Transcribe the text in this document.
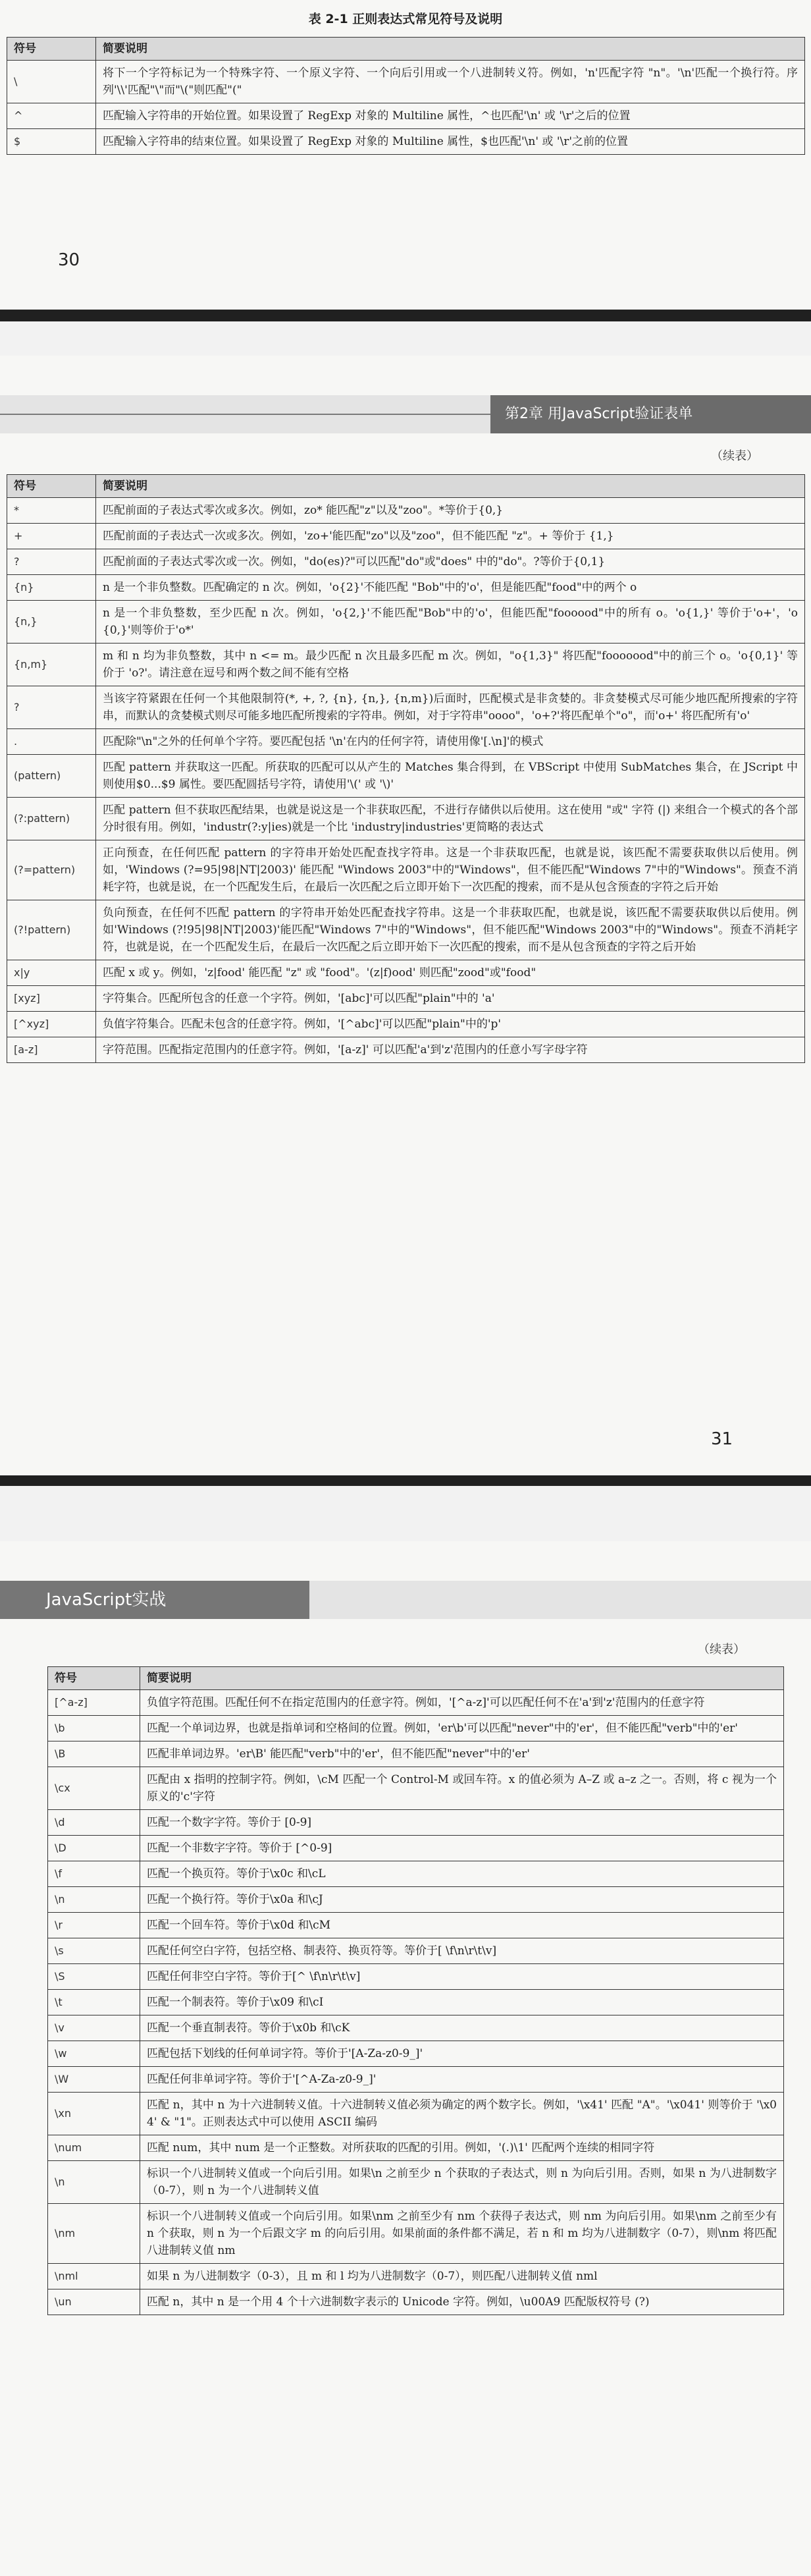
表 2-1 正则表达式常见符号及说明
符号	简要说明
\	将下一个字符标记为一个特殊字符、一个原义字符、一个向后引用或一个八进制转义符。例如，'n'匹配字符 "n"。'\n'匹配一个换行符。序列'\\'匹配"\"而"\("则匹配"("
^	匹配输入字符串的开始位置。如果设置了 RegExp 对象的 Multiline 属性，^也匹配'\n' 或 '\r'之后的位置
$	匹配输入字符串的结束位置。如果设置了 RegExp 对象的 Multiline 属性，$也匹配'\n' 或 '\r'之前的位置
30
第2章 用JavaScript验证表单
（续表）
符号	简要说明
*	匹配前面的子表达式零次或多次。例如，zo* 能匹配"z"以及"zoo"。*等价于{0,}
+	匹配前面的子表达式一次或多次。例如，'zo+'能匹配"zo"以及"zoo"，但不能匹配 "z"。+ 等价于 {1,}
?	匹配前面的子表达式零次或一次。例如，"do(es)?"可以匹配"do"或"does" 中的"do"。?等价于{0,1}
{n}	n 是一个非负整数。匹配确定的 n 次。例如，'o{2}'不能匹配 "Bob"中的'o'，但是能匹配"food"中的两个 o
{n,}	n 是一个非负整数，至少匹配 n 次。例如，'o{2,}'不能匹配"Bob"中的'o'，但能匹配"foooood"中的所有 o。'o{1,}' 等价于'o+'，'o{0,}'则等价于'o*'
{n,m}	m 和 n 均为非负整数，其中 n <= m。最少匹配 n 次且最多匹配 m 次。例如，"o{1,3}" 将匹配"fooooood"中的前三个 o。'o{0,1}' 等价于 'o?'。请注意在逗号和两个数之间不能有空格
?	当该字符紧跟在任何一个其他限制符(*, +, ?, {n}, {n,}, {n,m})后面时，匹配模式是非贪婪的。非贪婪模式尽可能少地匹配所搜索的字符串，而默认的贪婪模式则尽可能多地匹配所搜索的字符串。例如，对于字符串"oooo"，'o+?'将匹配单个"o"，而'o+' 将匹配所有'o'
.	匹配除"\n"之外的任何单个字符。要匹配包括 '\n'在内的任何字符，请使用像'[.\n]'的模式
(pattern)	匹配 pattern 并获取这一匹配。所获取的匹配可以从产生的 Matches 集合得到，在 VBScript 中使用 SubMatches 集合，在 JScript 中则使用$0...$9 属性。要匹配圆括号字符，请使用'\(' 或 '\)'
(?:pattern)	匹配 pattern 但不获取匹配结果，也就是说这是一个非获取匹配，不进行存储供以后使用。这在使用 "或" 字符 (|) 来组合一个模式的各个部分时很有用。例如，'industr(?:y|ies)就是一个比 'industry|industries'更简略的表达式
(?=pattern)	正向预查，在任何匹配 pattern 的字符串开始处匹配查找字符串。这是一个非获取匹配，也就是说，该匹配不需要获取供以后使用。例如，'Windows (?=95|98|NT|2003)' 能匹配 "Windows 2003"中的"Windows"，但不能匹配"Windows 7"中的"Windows"。预查不消耗字符，也就是说，在一个匹配发生后，在最后一次匹配之后立即开始下一次匹配的搜索，而不是从包含预查的字符之后开始
(?!pattern)	负向预查，在任何不匹配 pattern 的字符串开始处匹配查找字符串。这是一个非获取匹配，也就是说，该匹配不需要获取供以后使用。例如'Windows (?!95|98|NT|2003)'能匹配"Windows 7"中的"Windows"，但不能匹配"Windows 2003"中的"Windows"。预查不消耗字符，也就是说，在一个匹配发生后，在最后一次匹配之后立即开始下一次匹配的搜索，而不是从包含预查的字符之后开始
x|y	匹配 x 或 y。例如，'z|food' 能匹配 "z" 或 "food"。'(z|f)ood' 则匹配"zood"或"food"
[xyz]	字符集合。匹配所包含的任意一个字符。例如，'[abc]'可以匹配"plain"中的 'a'
[^xyz]	负值字符集合。匹配未包含的任意字符。例如，'[^abc]'可以匹配"plain"中的'p'
[a-z]	字符范围。匹配指定范围内的任意字符。例如，'[a-z]' 可以匹配'a'到'z'范围内的任意小写字母字符
31
JavaScript实战
（续表）
符号	简要说明
[^a-z]	负值字符范围。匹配任何不在指定范围内的任意字符。例如，'[^a-z]'可以匹配任何不在'a'到'z'范围内的任意字符
\b	匹配一个单词边界，也就是指单词和空格间的位置。例如，'er\b'可以匹配"never"中的'er'，但不能匹配"verb"中的'er'
\B	匹配非单词边界。'er\B' 能匹配"verb"中的'er'，但不能匹配"never"中的'er'
\cx	匹配由 x 指明的控制字符。例如，\cM 匹配一个 Control-M 或回车符。x 的值必须为 A–Z 或 a–z 之一。否则，将 c 视为一个原义的'c'字符
\d	匹配一个数字字符。等价于 [0-9]
\D	匹配一个非数字字符。等价于 [^0-9]
\f	匹配一个换页符。等价于\x0c 和\cL
\n	匹配一个换行符。等价于\x0a 和\cJ
\r	匹配一个回车符。等价于\x0d 和\cM
\s	匹配任何空白字符，包括空格、制表符、换页符等。等价于[ \f\n\r\t\v]
\S	匹配任何非空白字符。等价于[^ \f\n\r\t\v]
\t	匹配一个制表符。等价于\x09 和\cI
\v	匹配一个垂直制表符。等价于\x0b 和\cK
\w	匹配包括下划线的任何单词字符。等价于'[A-Za-z0-9_]'
\W	匹配任何非单词字符。等价于'[^A-Za-z0-9_]'
\xn	匹配 n，其中 n 为十六进制转义值。十六进制转义值必须为确定的两个数字长。例如，'\x41' 匹配 "A"。'\x041' 则等价于 '\x04' & "1"。正则表达式中可以使用 ASCII 编码
\num	匹配 num，其中 num 是一个正整数。对所获取的匹配的引用。例如，'(.)\1' 匹配两个连续的相同字符
\n	标识一个八进制转义值或一个向后引用。如果\n 之前至少 n 个获取的子表达式，则 n 为向后引用。否则，如果 n 为八进制数字（0-7），则 n 为一个八进制转义值
\nm	标识一个八进制转义值或一个向后引用。如果\nm 之前至少有 nm 个获得子表达式，则 nm 为向后引用。如果\nm 之前至少有 n 个获取，则 n 为一个后跟文字 m 的向后引用。如果前面的条件都不满足，若 n 和 m 均为八进制数字（0-7），则\nm 将匹配八进制转义值 nm
\nml	如果 n 为八进制数字（0-3），且 m 和 l 均为八进制数字（0-7），则匹配八进制转义值 nml
\un	匹配 n，其中 n 是一个用 4 个十六进制数字表示的 Unicode 字符。例如，\u00A9 匹配版权符号 (?)
